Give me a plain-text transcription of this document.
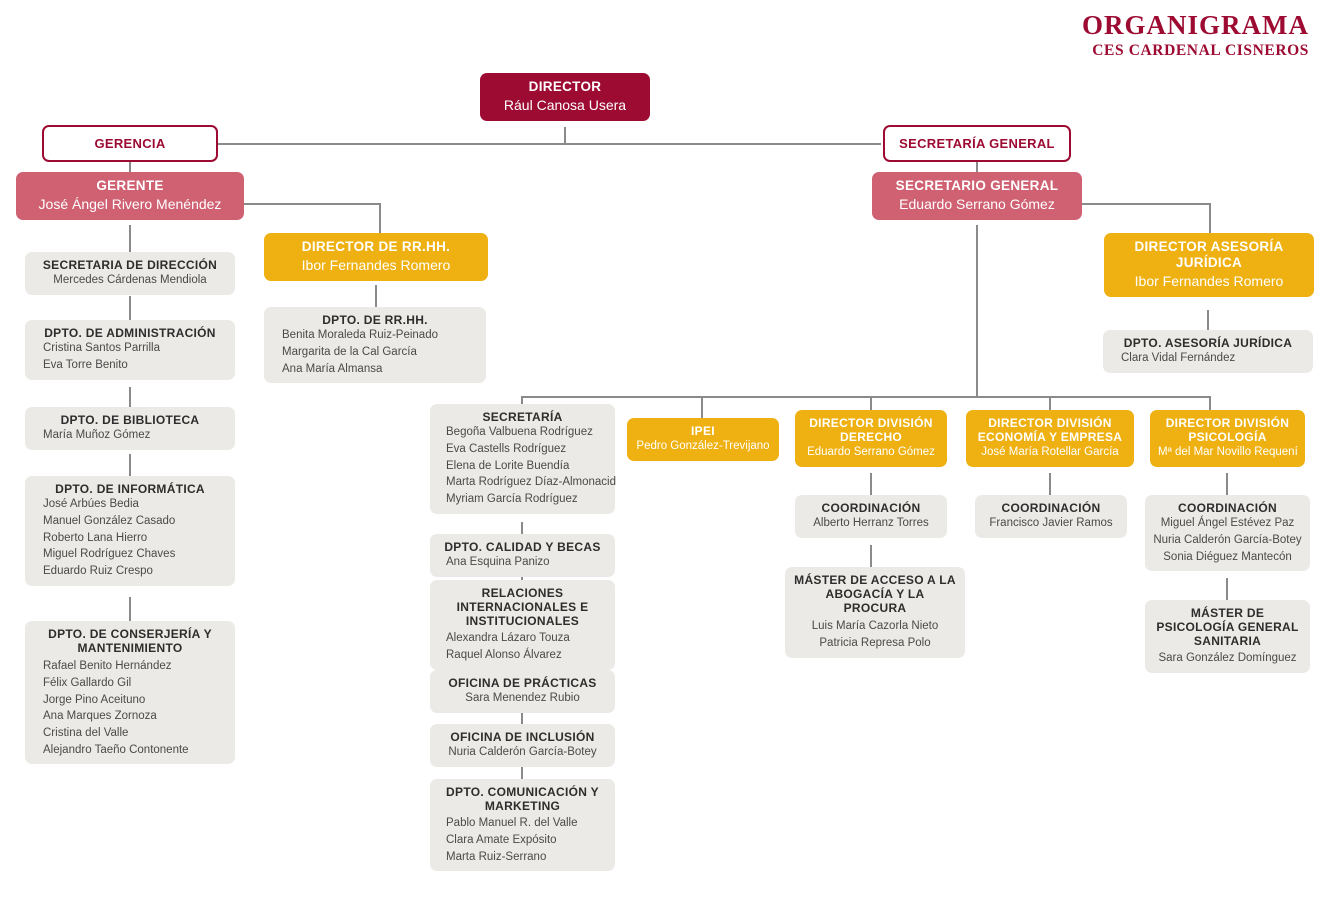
ORGANIGRAMA
CES CARDENAL CISNEROS
DIRECTOR
Rául Canosa Usera
GERENCIA	SECRETARÍA GENERAL
GERENTE
José Ángel Rivero Menéndez
SECRETARIO GENERAL
Eduardo Serrano Gómez
DIRECTOR DE RR.HH.
Ibor Fernandes Romero
DIRECTOR ASESORÍA JURÍDICA
Ibor Fernandes Romero
SECRETARIA DE DIRECCIÓN
Mercedes Cárdenas Mendiola
DPTO. DE ADMINISTRACIÓN
Cristina Santos Parrilla
Eva Torre Benito
DPTO. DE BIBLIOTECA
María Muñoz Gómez
DPTO. DE INFORMÁTICA
José Arbúes Bedia
Manuel González Casado
Roberto Lana Hierro
Miguel Rodríguez Chaves
Eduardo Ruiz Crespo
DPTO. DE CONSERJERÍA Y MANTENIMIENTO
Rafael Benito Hernández
Félix Gallardo Gil
Jorge Pino Aceituno
Ana Marques Zornoza
Cristina del Valle
Alejandro Taeño Contonente
DPTO. DE RR.HH.
Benita Moraleda Ruiz-Peinado
Margarita de la Cal García
Ana María Almansa
DPTO. ASESORÍA JURÍDICA
Clara Vidal Fernández
SECRETARÍA
Begoña Valbuena Rodríguez
Eva Castells Rodríguez
Elena de Lorite Buendía
Marta Rodríguez Díaz-Almonacid
Myriam García Rodríguez
DPTO. CALIDAD Y BECAS
Ana Esquina Panizo
RELACIONES INTERNACIONALES E INSTITUCIONALES
Alexandra Lázaro Touza
Raquel Alonso Álvarez
OFICINA DE PRÁCTICAS
Sara Menendez Rubio
OFICINA DE INCLUSIÓN
Nuria Calderón García-Botey
DPTO. COMUNICACIÓN Y MARKETING
Pablo Manuel R. del Valle
Clara Amate Expósito
Marta Ruiz-Serrano
IPEI
Pedro González-Trevijano
DIRECTOR DIVISIÓN DERECHO
Eduardo Serrano Gómez
DIRECTOR DIVISIÓN ECONOMÍA Y EMPRESA
José María Rotellar García
DIRECTOR DIVISIÓN PSICOLOGÍA
Mª del Mar Novillo Requení
COORDINACIÓN
Alberto Herranz Torres
COORDINACIÓN
Francisco Javier Ramos
COORDINACIÓN
Miguel Ángel Estévez Paz
Nuria Calderón García-Botey
Sonia Diéguez Mantecón
MÁSTER DE ACCESO A LA ABOGACÍA Y LA PROCURA
Luis María Cazorla Nieto
Patricia Represa Polo
MÁSTER DE PSICOLOGÍA GENERAL SANITARIA
Sara González Domínguez
